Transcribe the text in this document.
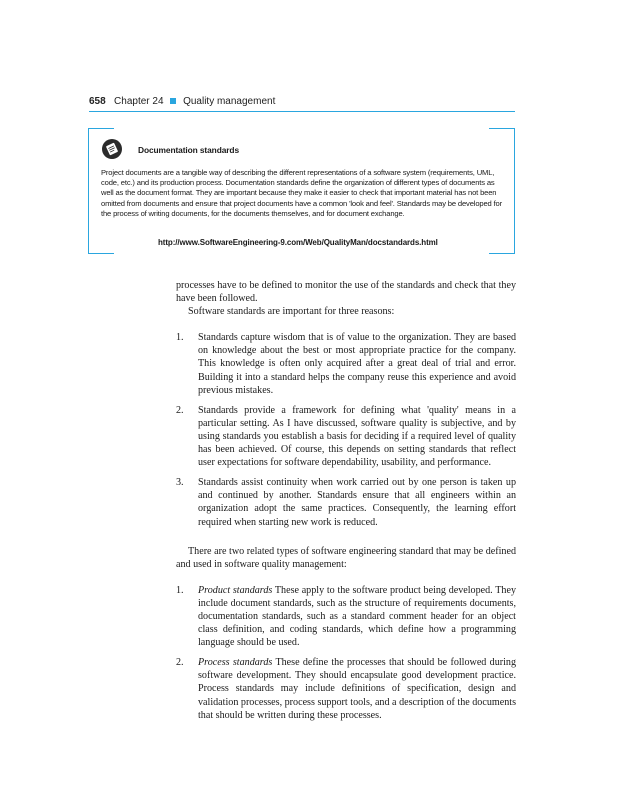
658 Chapter 24 Quality management
Documentation standards

Project documents are a tangible way of describing the different representations of a software system (requirements, UML, code, etc.) and its production process. Documentation standards define the organization of different types of documents as well as the document format. They are important because they make it easier to check that important material has not been omitted from documents and ensure that project documents have a common 'look and feel'. Standards may be developed for the process of writing documents, for the documents themselves, and for document exchange.

http://www.SoftwareEngineering-9.com/Web/QualityMan/docstandards.html

processes have to be defined to monitor the use of the standards and check that they have been followed.

Software standards are important for three reasons:

1. Standards capture wisdom that is of value to the organization. They are based on knowledge about the best or most appropriate practice for the company. This knowledge is often only acquired after a great deal of trial and error. Building it into a standard helps the company reuse this experience and avoid previous mistakes.
2. Standards provide a framework for defining what 'quality' means in a particular setting. As I have discussed, software quality is subjective, and by using standards you establish a basis for deciding if a required level of quality has been achieved. Of course, this depends on setting standards that reflect user expectations for software dependability, usability, and performance.
3. Standards assist continuity when work carried out by one person is taken up and continued by another. Standards ensure that all engineers within an organization adopt the same practices. Consequently, the learning effort required when starting new work is reduced.

There are two related types of software engineering standard that may be defined and used in software quality management:

1. Product standards These apply to the software product being developed. They include document standards, such as the structure of requirements documents, documentation standards, such as a standard comment header for an object class definition, and coding standards, which define how a programming language should be used.
2. Process standards These define the processes that should be followed during software development. They should encapsulate good development practice. Process standards may include definitions of specification, design and validation processes, process support tools, and a description of the documents that should be written during these processes.
